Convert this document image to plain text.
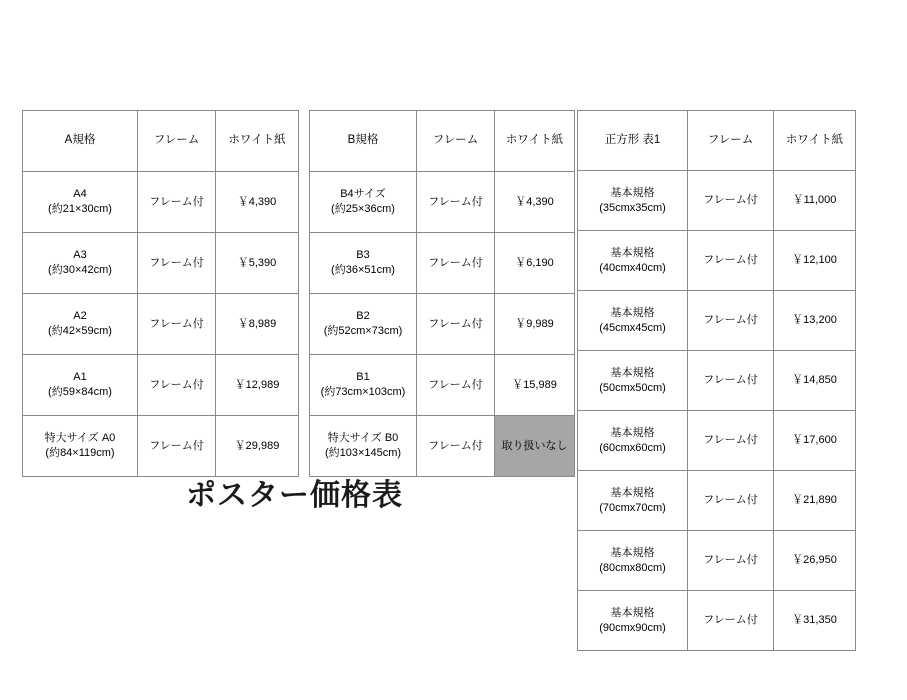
A規格	フレーム	ホワイト紙

A4
(約21×30cm)	フレーム付	￥4,390

A3
(約30×42cm)	フレーム付	￥5,390

A2
(約42×59cm)	フレーム付	￥8,989

A1
(約59×84cm)	フレーム付	￥12,989

特大サイズ A0
(約84×119cm)	フレーム付	￥29,989
B規格	フレーム	ホワイト紙

B4サイズ
(約25×36cm)	フレーム付	￥4,390

B3
(約36×51cm)	フレーム付	￥6,190

B2
(約52cm×73cm)	フレーム付	￥9,989

B1
(約73cm×103cm)	フレーム付	￥15,989

特大サイズ B0
(約103×145cm)	フレーム付	取り扱いなし
正方形 表1	フレーム	ホワイト紙

基本規格
(35cmx35cm)	フレーム付	￥11,000

基本規格
(40cmx40cm)	フレーム付	￥12,100

基本規格
(45cmx45cm)	フレーム付	￥13,200

基本規格
(50cmx50cm)	フレーム付	￥14,850

基本規格
(60cmx60cm)	フレーム付	￥17,600

基本規格
(70cmx70cm)	フレーム付	￥21,890

基本規格
(80cmx80cm)	フレーム付	￥26,950

基本規格
(90cmx90cm)	フレーム付	￥31,350
ポスター価格表
